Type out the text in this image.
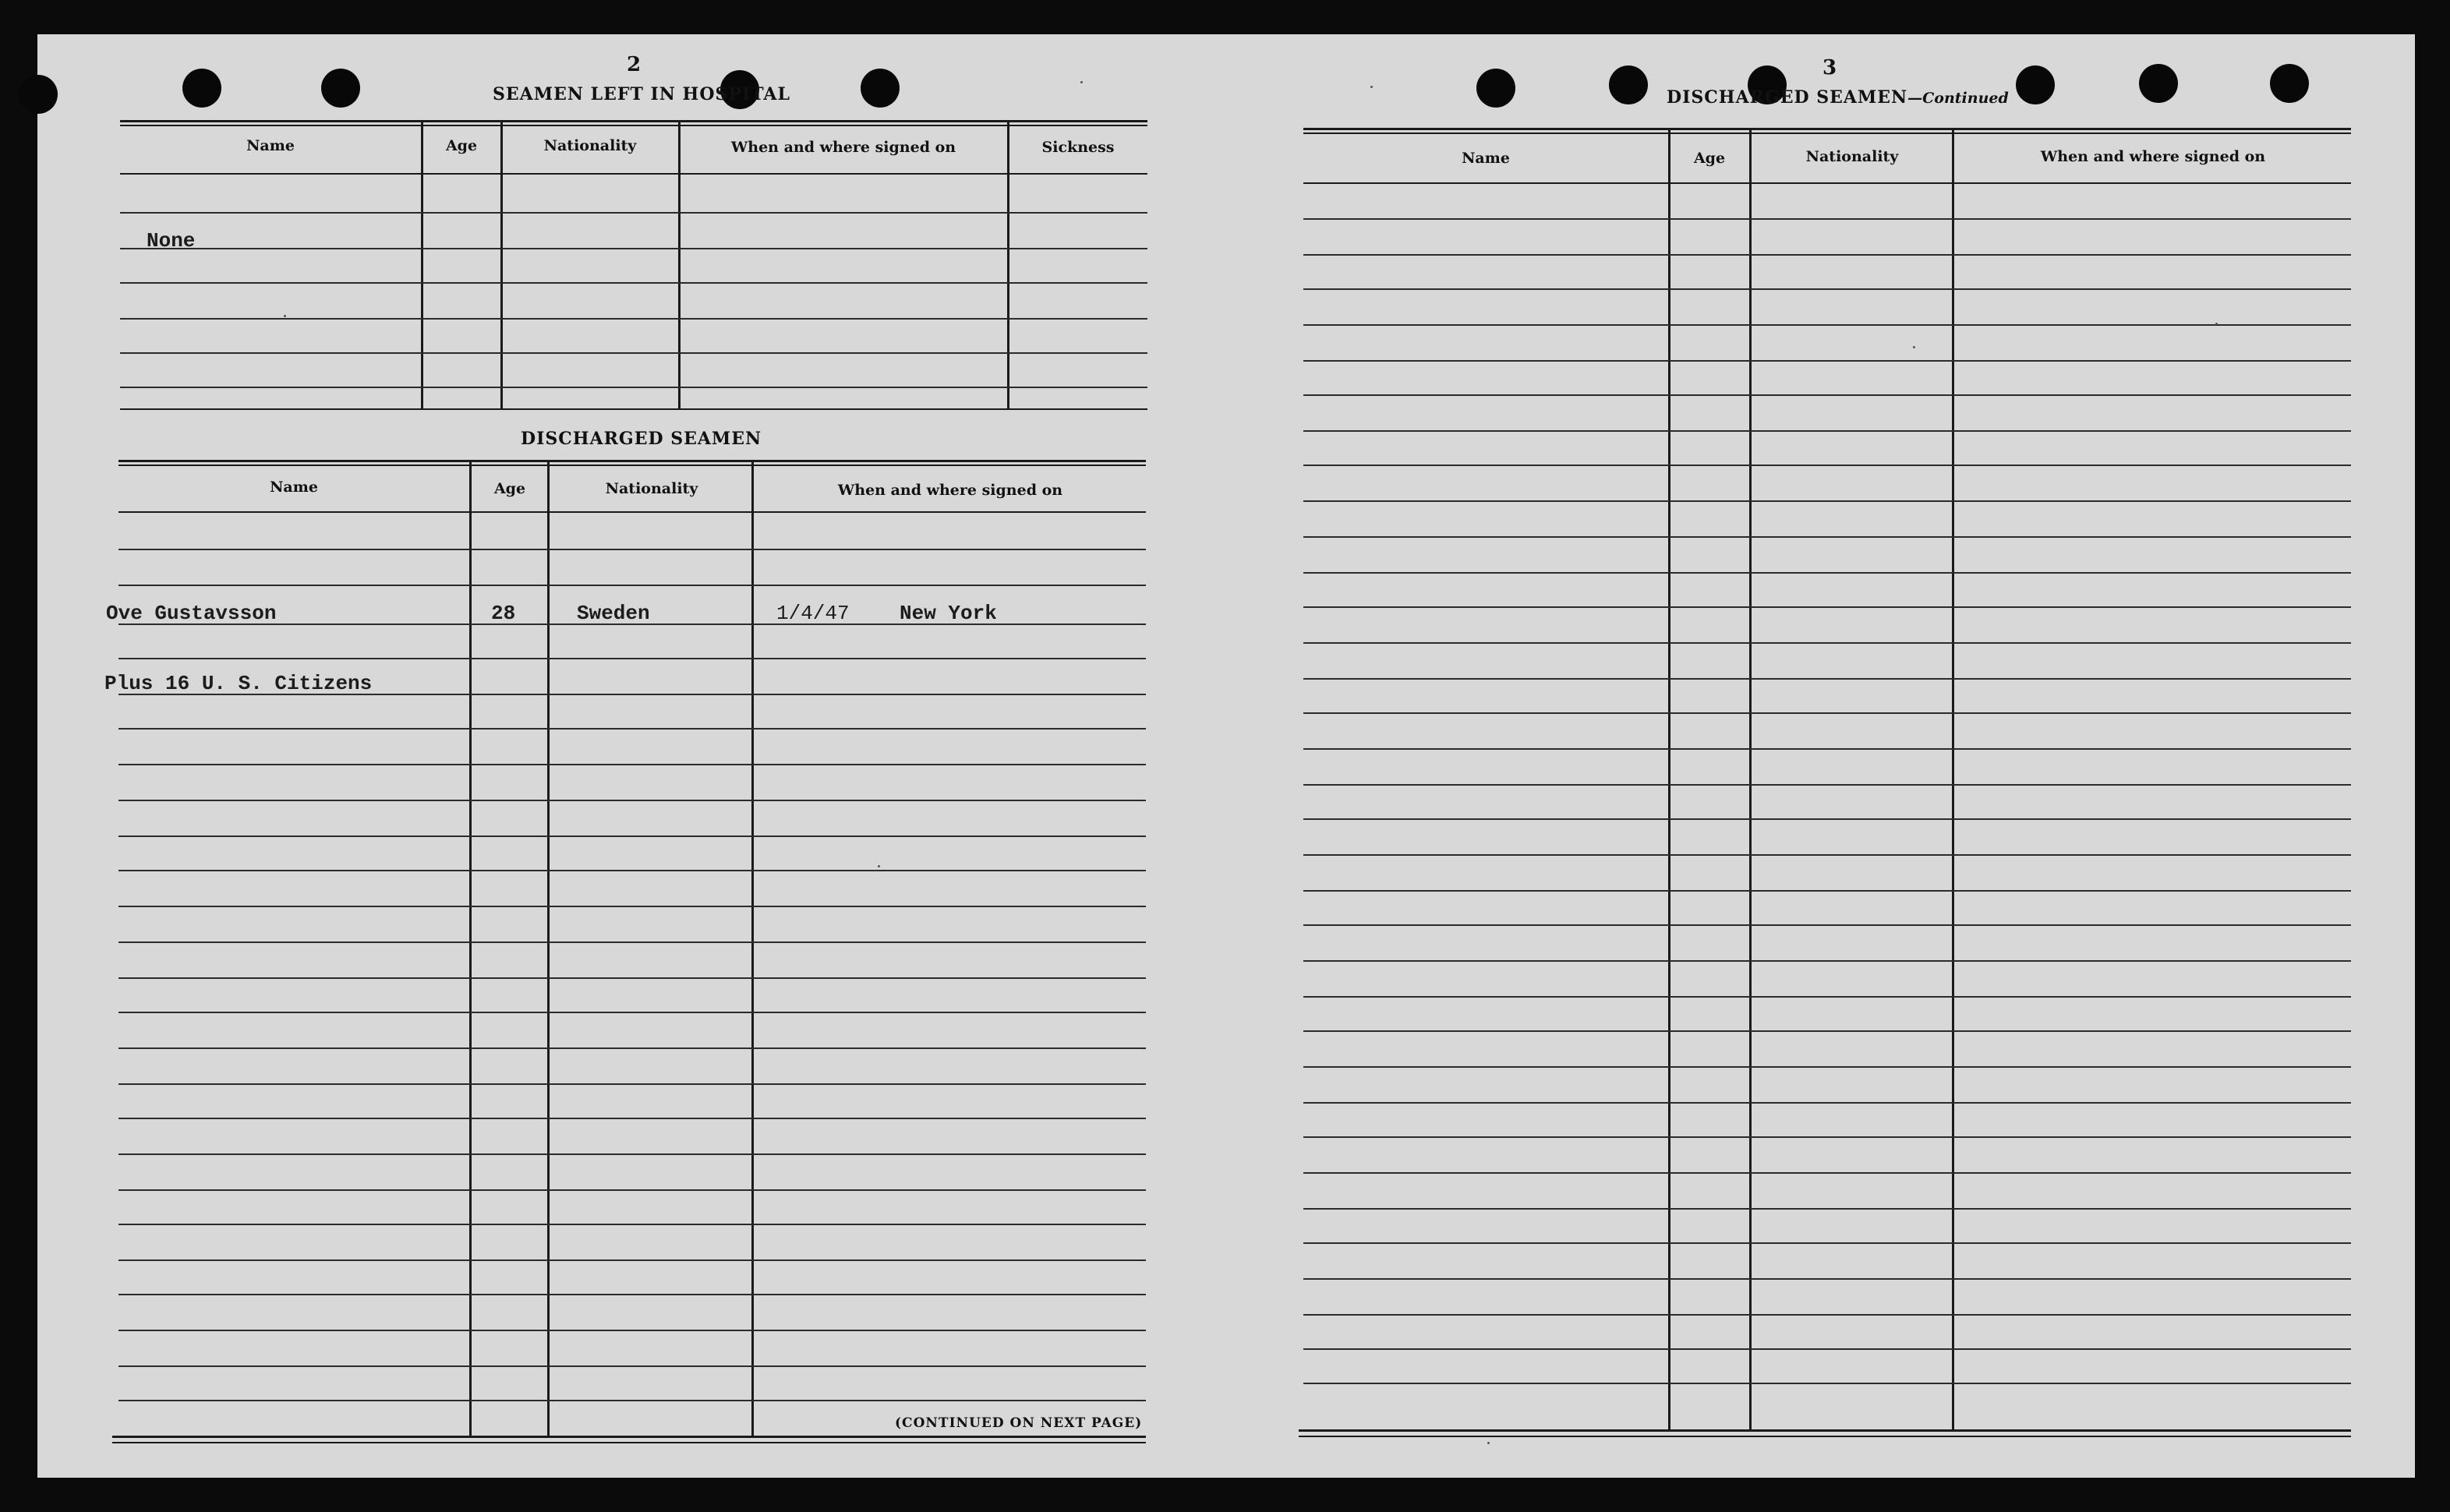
2
SEAMEN LEFT IN HOSPITAL
Name	Age	Nationality	When and where signed on	Sickness
None
DISCHARGED SEAMEN
Name	Age	Nationality	When and where signed on
Ove Gustavsson	28	Sweden	1/4/47 New York
Plus 16 U. S. Citizens
(CONTINUED ON NEXT PAGE)
3
DISCHARGED SEAMEN—Continued
Name	Age	Nationality	When and where signed on
